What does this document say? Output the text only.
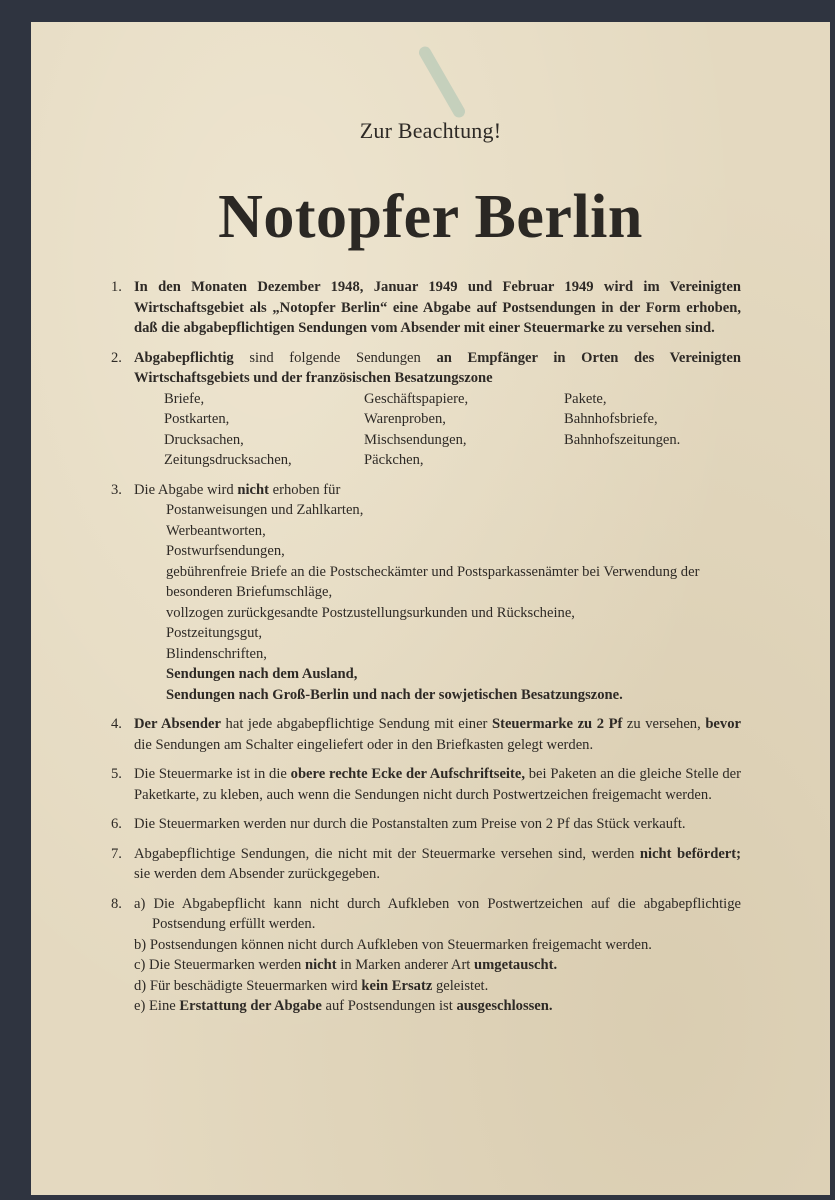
Zur Beachtung!
Notopfer Berlin
1. In den Monaten Dezember 1948, Januar 1949 und Februar 1949 wird im Vereinigten Wirtschaftsgebiet als „Notopfer Berlin“ eine Abgabe auf Postsendungen in der Form erhoben, daß die abgabepflichtigen Sendungen vom Absender mit einer Steuermarke zu versehen sind.
2. Abgabepflichtig sind folgende Sendungen an Empfänger in Orten des Vereinigten Wirtschaftsgebiets und der französischen Besatzungszone
Briefe,	Geschäftspapiere,	Pakete,
Postkarten,	Warenproben,	Bahnhofsbriefe,
Drucksachen,	Mischsendungen,	Bahnhofszeitungen.
Zeitungsdrucksachen,	Päckchen,
3. Die Abgabe wird nicht erhoben für
Postanweisungen und Zahlkarten,
Werbeantworten,
Postwurfsendungen,
gebührenfreie Briefe an die Postscheckämter und Postsparkassenämter bei Verwendung der besonderen Briefumschläge,
vollzogen zurückgesandte Postzustellungsurkunden und Rückscheine,
Postzeitungsgut,
Blindenschriften,
Sendungen nach dem Ausland,
Sendungen nach Groß-Berlin und nach der sowjetischen Besatzungszone.
4. Der Absender hat jede abgabepflichtige Sendung mit einer Steuermarke zu 2 Pf zu versehen, bevor die Sendungen am Schalter eingeliefert oder in den Briefkasten gelegt werden.
5. Die Steuermarke ist in die obere rechte Ecke der Aufschriftseite, bei Paketen an die gleiche Stelle der Paketkarte, zu kleben, auch wenn die Sendungen nicht durch Postwertzeichen freigemacht werden.
6. Die Steuermarken werden nur durch die Postanstalten zum Preise von 2 Pf das Stück verkauft.
7. Abgabepflichtige Sendungen, die nicht mit der Steuermarke versehen sind, werden nicht befördert; sie werden dem Absender zurückgegeben.
8. a) Die Abgabepflicht kann nicht durch Aufkleben von Postwertzeichen auf die abgabepflichtige Postsendung erfüllt werden.
b) Postsendungen können nicht durch Aufkleben von Steuermarken freigemacht werden.
c) Die Steuermarken werden nicht in Marken anderer Art umgetauscht.
d) Für beschädigte Steuermarken wird kein Ersatz geleistet.
e) Eine Erstattung der Abgabe auf Postsendungen ist ausgeschlossen.
